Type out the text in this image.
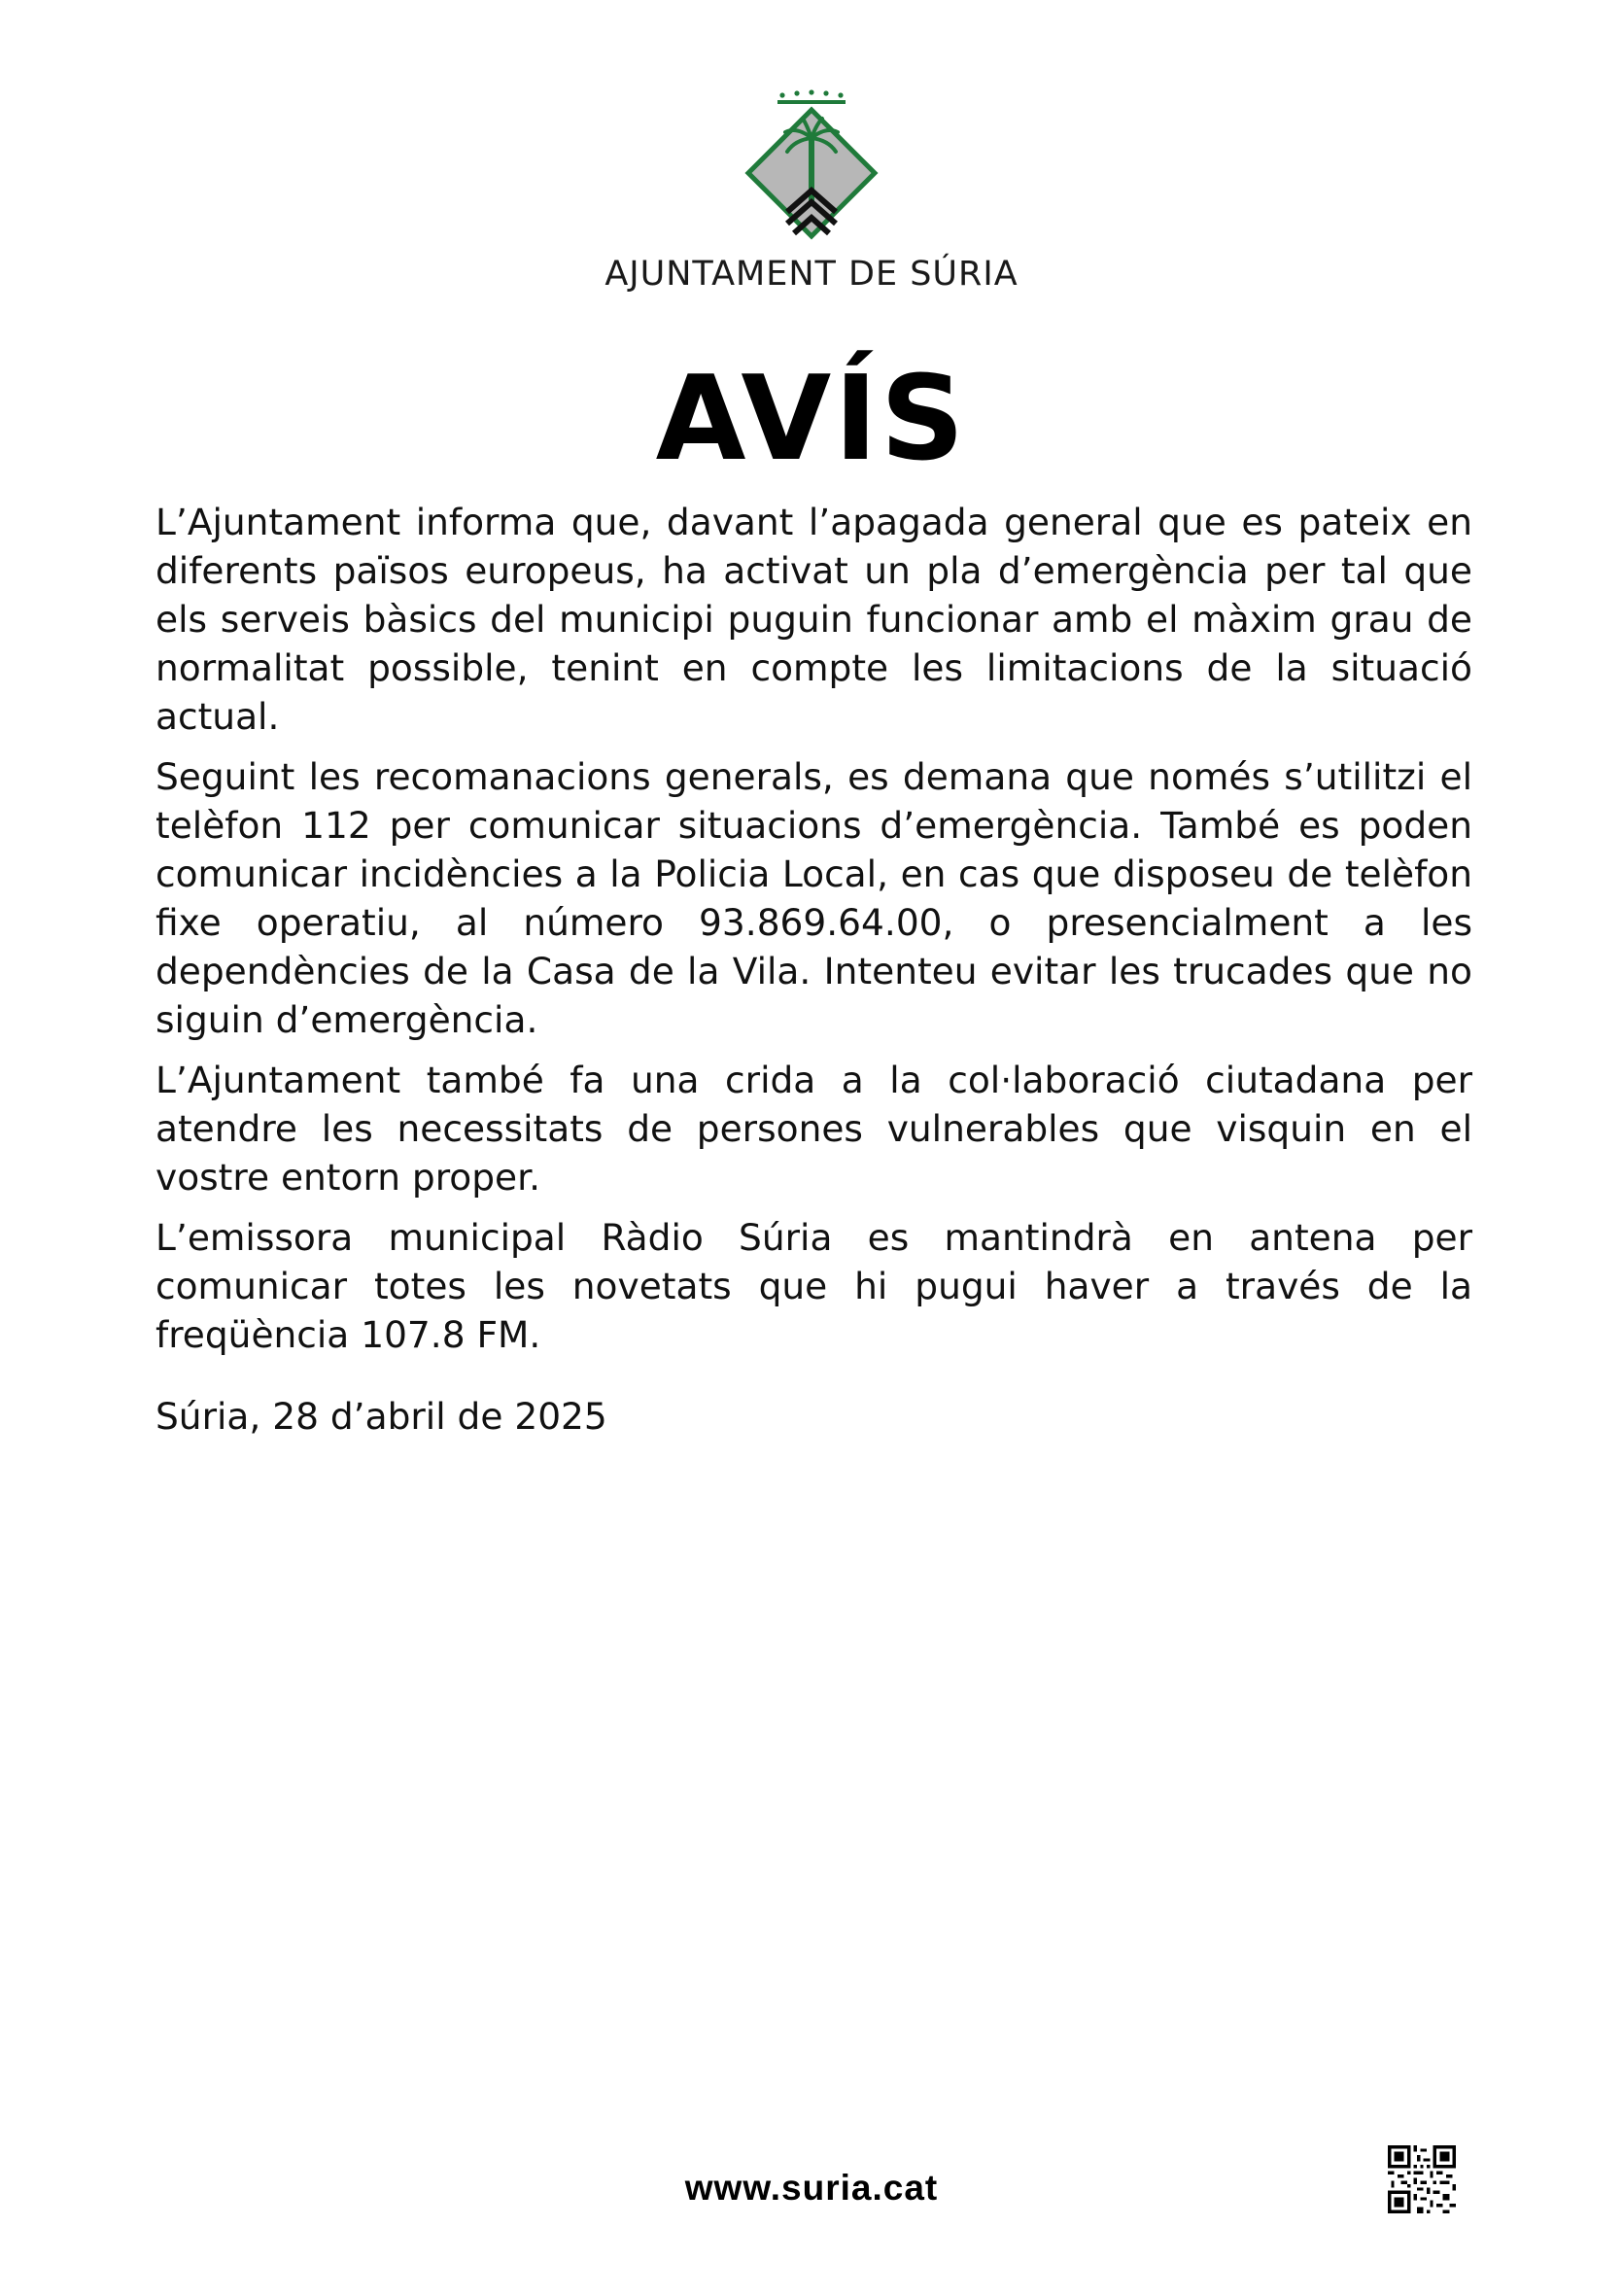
AJUNTAMENT DE SÚRIA
AVÍS

L’Ajuntament informa que, davant l’apagada general que es pateix en diferents països europeus, ha activat un pla d’emergència per tal que els serveis bàsics del municipi puguin funcionar amb el màxim grau de normalitat possible, tenint en compte les limitacions de la situació actual.

Seguint les recomanacions generals, es demana que només s’utilitzi el telèfon 112 per comunicar situacions d’emergència. També es poden comunicar incidències a la Policia Local, en cas que disposeu de telèfon fixe operatiu, al número 93.869.64.00, o presencialment a les dependències de la Casa de la Vila. Intenteu evitar les trucades que no siguin d’emergència.

L’Ajuntament també fa una crida a la col·laboració ciutadana per atendre les necessitats de persones vulnerables que visquin en el vostre entorn proper.

L’emissora municipal Ràdio Súria es mantindrà en antena per comunicar totes les novetats que hi pugui haver a través de la freqüència 107.8 FM.

Súria, 28 d’abril de 2025

www.suria.cat
